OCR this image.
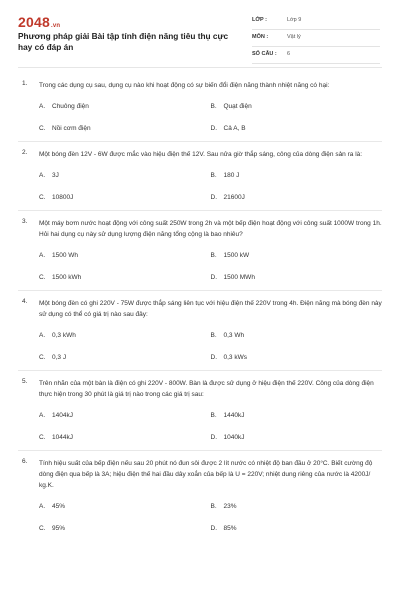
2048.vn
Phương pháp giải Bài tập tính điện năng tiêu thụ cực hay có đáp án
LỚP :	Lớp 9
MÔN :	Vật lý
SỐ CÂU : 6
1. Trong các dụng cụ sau, dụng cụ nào khi hoạt động có sự biến đổi điện năng thành nhiệt năng có hại:
A. Chuông điện	B. Quạt điện
C. Nồi cơm điện	D. Cả A, B
2. Một bóng đèn 12V - 6W được mắc vào hiệu điện thế 12V. Sau nửa giờ thắp sáng, công của dòng điện sản ra là:
A. 3J	B. 180 J
C. 10800J	D. 21600J
3. Một máy bơm nước hoạt động với công suất 250W trong 2h và một bếp điện hoạt động với công suất 1000W trong 1h. Hỏi hai dụng cụ này sử dụng lượng điện năng tổng cộng là bao nhiêu?
A. 1500 Wh	B. 1500 kW
C. 1500 kWh	D. 1500 MWh
4. Một bóng đèn có ghi 220V - 75W được thắp sáng liên tục với hiệu điện thế 220V trong 4h. Điện năng mà bóng đèn này sử dụng có thể có giá trị nào sau đây:
A. 0,3 kWh	B. 0,3 Wh
C. 0,3 J	D. 0,3 kWs
5. Trên nhãn của một bàn là điện có ghi 220V - 800W. Bàn là được sử dụng ở hiệu điện thế 220V. Công của dòng điện thực hiện trong 30 phút là giá trị nào trong các giá trị sau:
A. 1404kJ	B. 1440kJ
C. 1044kJ	D. 1040kJ
6. Tính hiệu suất của bếp điện nếu sau 20 phút nó đun sôi được 2 lít nước có nhiệt độ ban đầu ở 20°C. Biết cường độ dòng điện qua bếp là 3A; hiệu điện thế hai đầu dây xoắn của bếp là U = 220V; nhiệt dung riêng của nước là 4200J/ kg.K.
A. 45%	B. 23%
C. 95%	D. 85%
